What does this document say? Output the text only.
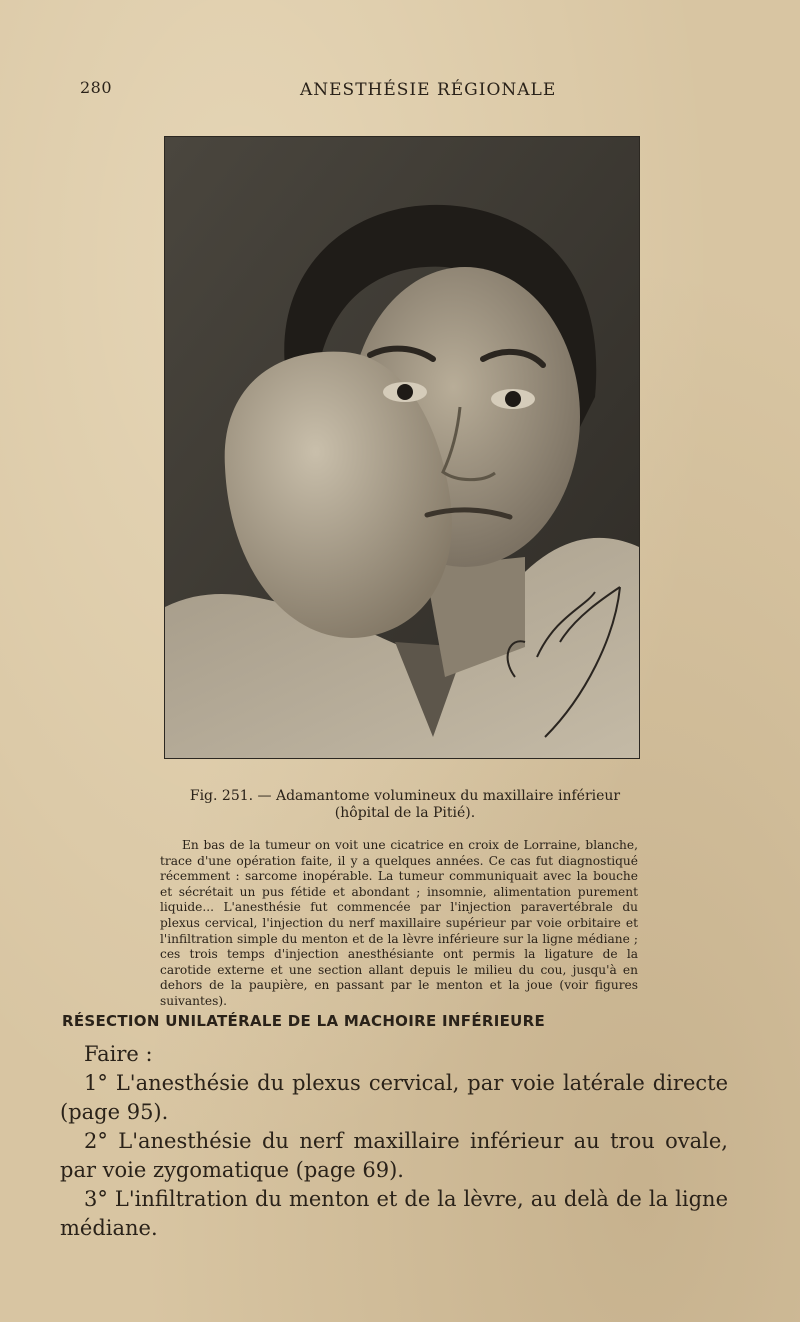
280	ANESTHÉSIE RÉGIONALE
Fig. 251. — Adamantome volumineux du maxillaire inférieur
(hôpital de la Pitié).
En bas de la tumeur on voit une cicatrice en croix de Lorraine, blanche, trace d'une opération faite, il y a quelques années. Ce cas fut diagnostiqué récemment : sarcome inopérable. La tumeur communiquait avec la bouche et sécrétait un pus fétide et abondant ; insomnie, alimentation purement liquide... L'anesthésie fut commencée par l'injection paravertébrale du plexus cervical, l'injection du nerf maxillaire supérieur par voie orbitaire et l'infiltration simple du menton et de la lèvre inférieure sur la ligne médiane ; ces trois temps d'injection anesthésiante ont permis la ligature de la carotide externe et une section allant depuis le milieu du cou, jusqu'à en dehors de la paupière, en passant par le menton et la joue (voir figures suivantes).
RÉSECTION UNILATÉRALE DE LA MACHOIRE INFÉRIEURE

Faire :

1° L'anesthésie du plexus cervical, par voie latérale directe (page 95).

2° L'anesthésie du nerf maxillaire inférieur au trou ovale, par voie zygomatique (page 69).

3° L'infiltration du menton et de la lèvre, au delà de la ligne médiane.
